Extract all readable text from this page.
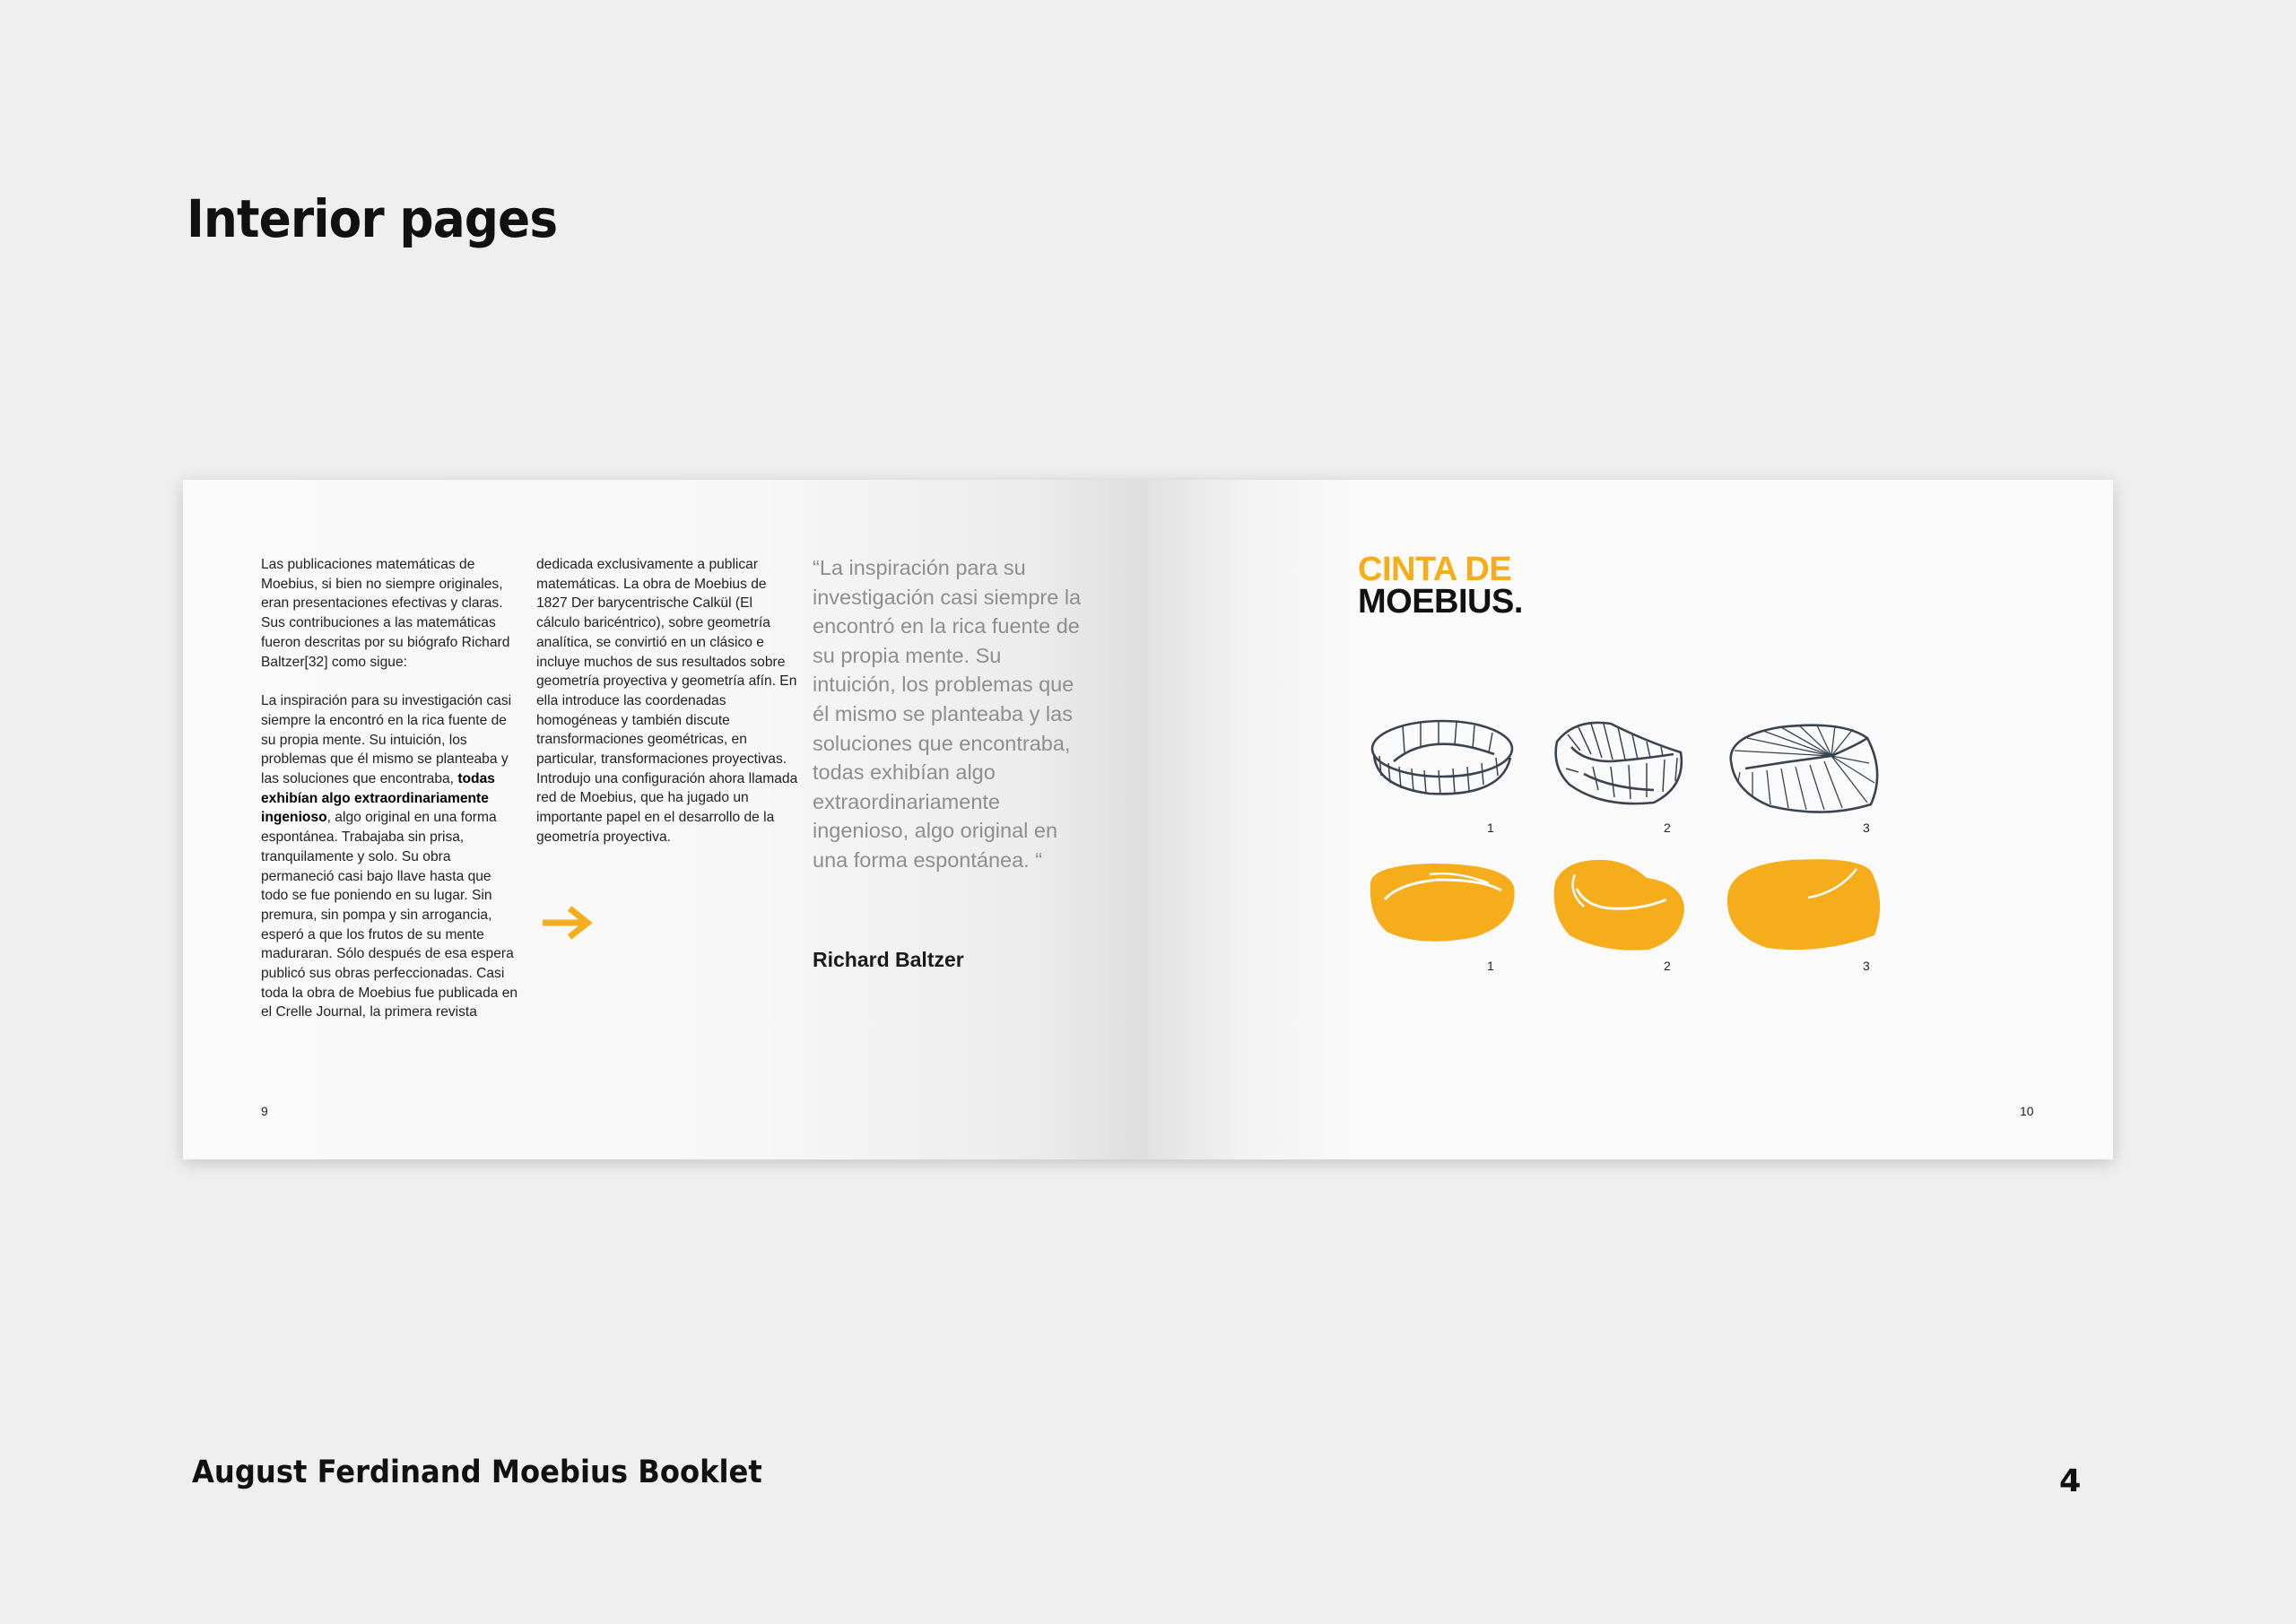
Interior pages

Las publicaciones matemáticas de Moebius, si bien no siempre originales, eran presentaciones efectivas y claras. Sus contribuciones a las matemáticas fueron descritas por su biógrafo Richard Baltzer[32] como sigue:

La inspiración para su investigación casi siempre la encontró en la rica fuente de su propia mente. Su intuición, los problemas que él mismo se planteaba y las soluciones que encontraba, todas exhibían algo extraordinariamente ingenioso, algo original en una forma espontánea. Trabajaba sin prisa, tranquilamente y solo. Su obra permaneció casi bajo llave hasta que todo se fue poniendo en su lugar. Sin premura, sin pompa y sin arrogancia, esperó a que los frutos de su mente maduraran. Sólo después de esa espera publicó sus obras perfeccionadas. Casi toda la obra de Moebius fue publicada en el Crelle Journal, la primera revista

dedicada exclusivamente a publicar matemáticas. La obra de Moebius de 1827 Der barycentrische Calkül (El cálculo baricéntrico), sobre geometría analítica, se convirtió en un clásico e incluye muchos de sus resultados sobre geometría proyectiva y geometría afín. En ella introduce las coordenadas homogéneas y también discute transformaciones geométricas, en particular, transformaciones proyectivas. Introdujo una configuración ahora llamada red de Moebius, que ha jugado un importante papel en el desarrollo de la geometría proyectiva.

“La inspiración para su investigación casi siempre la encontró en la rica fuente de su propia mente. Su intuición, los problemas que él mismo se planteaba y las soluciones que encontraba, todas exhibían algo extraordinariamente ingenioso, algo original en una forma espontánea. “
Richard Baltzer
9
CINTA DE
MOEBIUS.
1	2	3
1	2	3
10
August Ferdinand Moebius Booklet	4
